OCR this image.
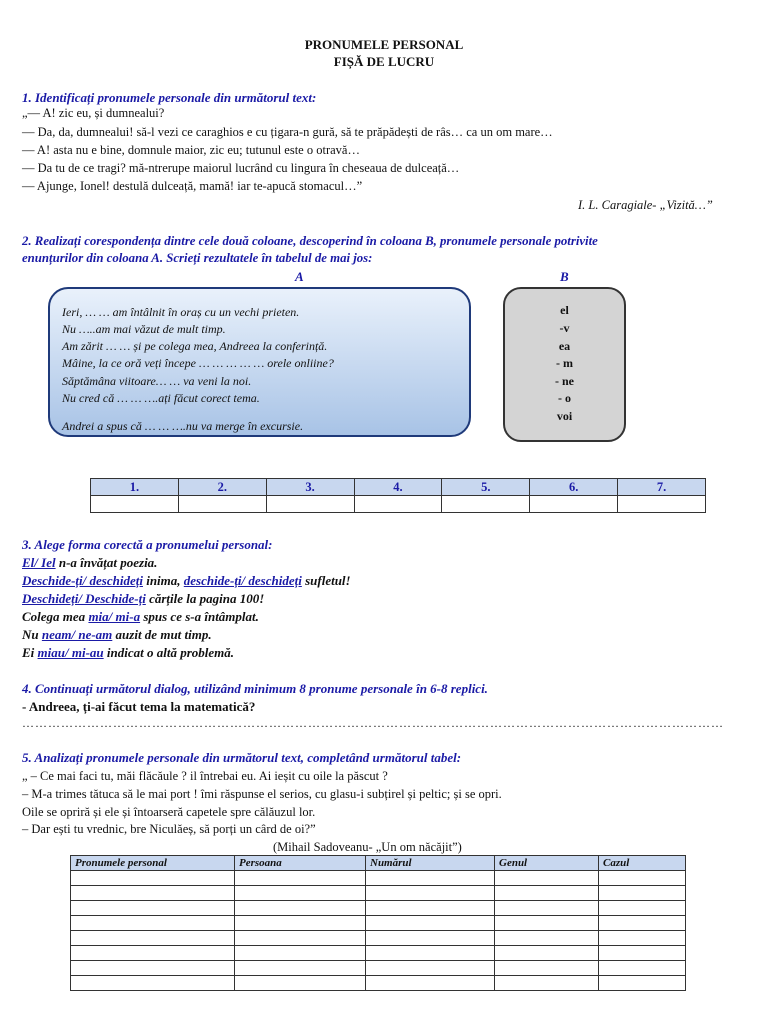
PRONUMELE PERSONAL
FIȘĂ DE LUCRU
1. Identificați pronumele personale din următorul text:
„— A! zic eu, și dumnealui?
— Da, da, dumnealui! să-l vezi ce caraghios e cu țigara-n gură, să te prăpădești de râs… ca un om mare…
— A! asta nu e bine, domnule maior, zic eu; tutunul este o otravă…
— Da tu de ce tragi? mă-ntrerupe maiorul lucrând cu lingura în cheseaua de dulceață…
— Ajunge, Ionel! destulă dulceață, mamă! iar te-apucă stomacul…”
I. L. Caragiale- „Vizită…”
2. Realizați corespondența dintre cele două coloane, descoperind în coloana B, pronumele personale potrivite
enunțurilor din coloana A. Scrieți rezultatele în tabelul de mai jos:
A	B
Ieri, … … am întâlnit în oraș cu un vechi prieten.
Nu …..am mai văzut de mult timp.
Am zărit … … și pe colega mea, Andreea la conferință.
Mâine, la ce oră veți începe … … … … … orele onliine?
Săptămâna viitoare… … va veni la noi.
Nu cred că … … ….ați făcut corect tema.
Andrei a spus că … … ….nu va merge în excursie.
el
-v
ea
- m
- ne
- o
voi
1.	2.	3.	4.	5.	6.	7.

3. Alege forma corectă a pronumelui personal:
El/ Iel n-a învățat poezia.
Deschide-ți/ deschideți inima, deschide-ți/ deschideți sufletul!
Deschideți/ Deschide-ți cărțile la pagina 100!
Colega mea mia/ mi-a spus ce s-a întâmplat.
Nu neam/ ne-am auzit de mut timp.
Ei miau/ mi-au indicat o altă problemă.
4. Continuați următorul dialog, utilizând minimum 8 pronume personale în 6-8 replici.
- Andreea, ți-ai făcut tema la matematică?
………………………………………………………………………………………………………………………………………………
5. Analizați pronumele personale din următorul text, completând următorul tabel:
„ – Ce mai faci tu, măi flăcăule ? il întrebai eu. Ai ieșit cu oile la păscut ?
– M-a trimes tătuca să le mai port ! îmi răspunse el serios, cu glasu-i subțirel și peltic; și se opri.
Oile se opriră și ele și întoarseră capetele spre călăuzul lor.
– Dar ești tu vrednic, bre Niculăeș, să porți un cârd de oi?”
(Mihail Sadoveanu- „Un om năcăjit”)
Pronumele personal	Persoana	Numărul	Genul	Cazul
